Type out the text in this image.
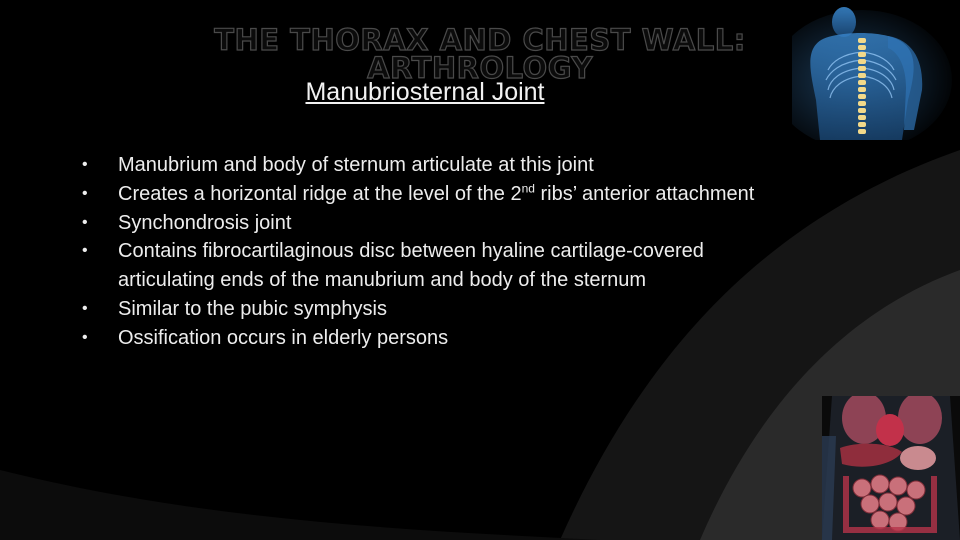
THE THORAX AND CHEST WALL:
ARTHROLOGY
Manubriosternal Joint
• Manubrium and body of sternum articulate at this joint
• Creates a horizontal ridge at the level of the 2nd ribs’ anterior attachment
• Synchondrosis joint
• Contains fibrocartilaginous disc between hyaline cartilage-covered articulating ends of the manubrium and body of the sternum
• Similar to the pubic symphysis
• Ossification occurs in elderly persons
